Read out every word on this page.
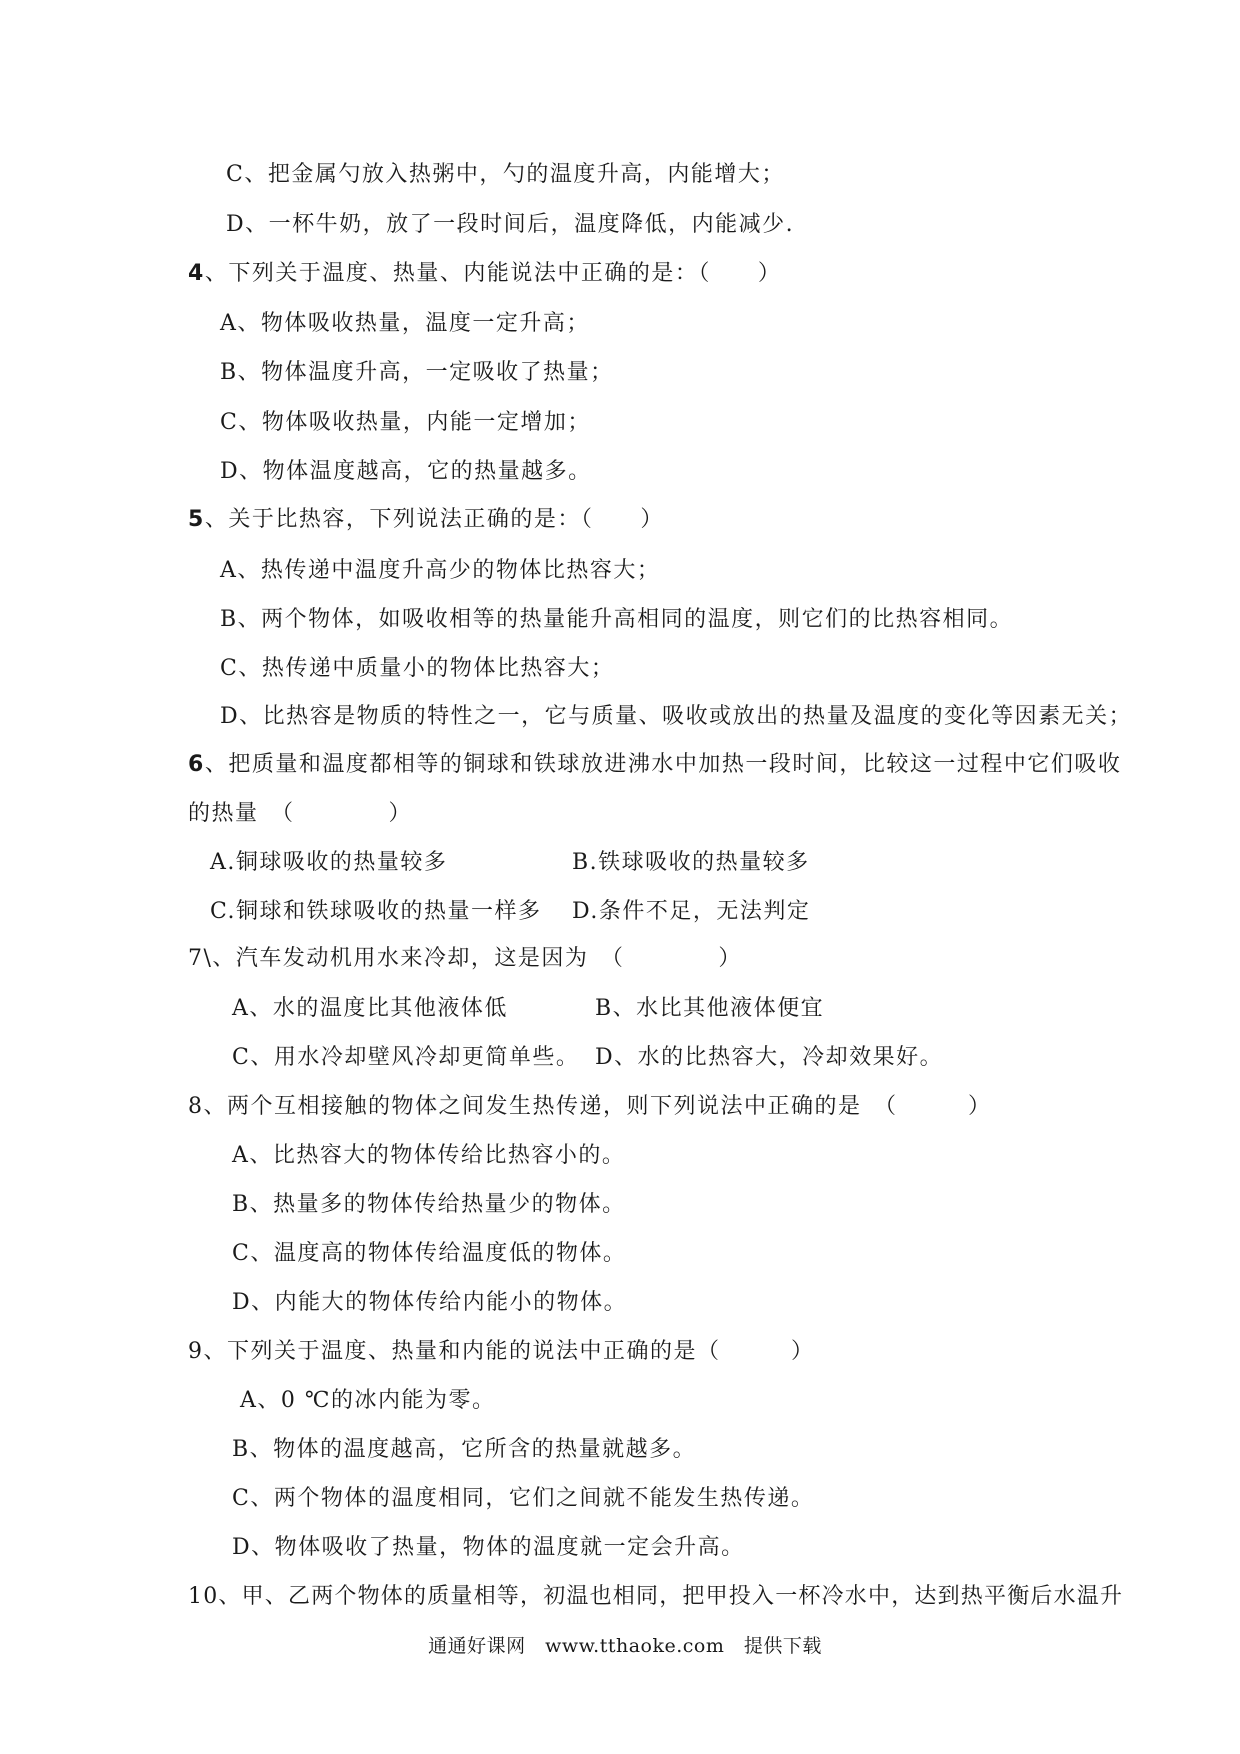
C、把金属勺放入热粥中，勺的温度升高，内能增大；
D、一杯牛奶，放了一段时间后，温度降低，内能减少.
4、下列关于温度、热量、内能说法中正确的是：（　　）
A、物体吸收热量，温度一定升高；
B、物体温度升高，一定吸收了热量；
C、物体吸收热量，内能一定增加；
D、物体温度越高，它的热量越多。
5、关于比热容，下列说法正确的是：（　　）
A、热传递中温度升高少的物体比热容大；
B、两个物体，如吸收相等的热量能升高相同的温度，则它们的比热容相同。
C、热传递中质量小的物体比热容大；
D、比热容是物质的特性之一，它与质量、吸收或放出的热量及温度的变化等因素无关；
6、把质量和温度都相等的铜球和铁球放进沸水中加热一段时间，比较这一过程中它们吸收
的热量　（　　　　）
A.铜球吸收的热量较多	B.铁球吸收的热量较多
C.铜球和铁球吸收的热量一样多 D.条件不足，无法判定
7\、汽车发动机用水来冷却，这是因为　（　　　　）
A、水的温度比其他液体低	B、水比其他液体便宜
C、用水冷却壁风冷却更简单些。 D、水的比热容大，冷却效果好。
8、两个互相接触的物体之间发生热传递，则下列说法中正确的是　（　　　）
A、比热容大的物体传给比热容小的。
B、热量多的物体传给热量少的物体。
C、温度高的物体传给温度低的物体。
D、内能大的物体传给内能小的物体。
9、下列关于温度、热量和内能的说法中正确的是（　　　）
A、0 ℃的冰内能为零。
B、物体的温度越高，它所含的热量就越多。
C、两个物体的温度相同，它们之间就不能发生热传递。
D、物体吸收了热量，物体的温度就一定会升高。
10、甲、乙两个物体的质量相等，初温也相同，把甲投入一杯冷水中，达到热平衡后水温升
通通好课网　www.tthaoke.com　提供下载
